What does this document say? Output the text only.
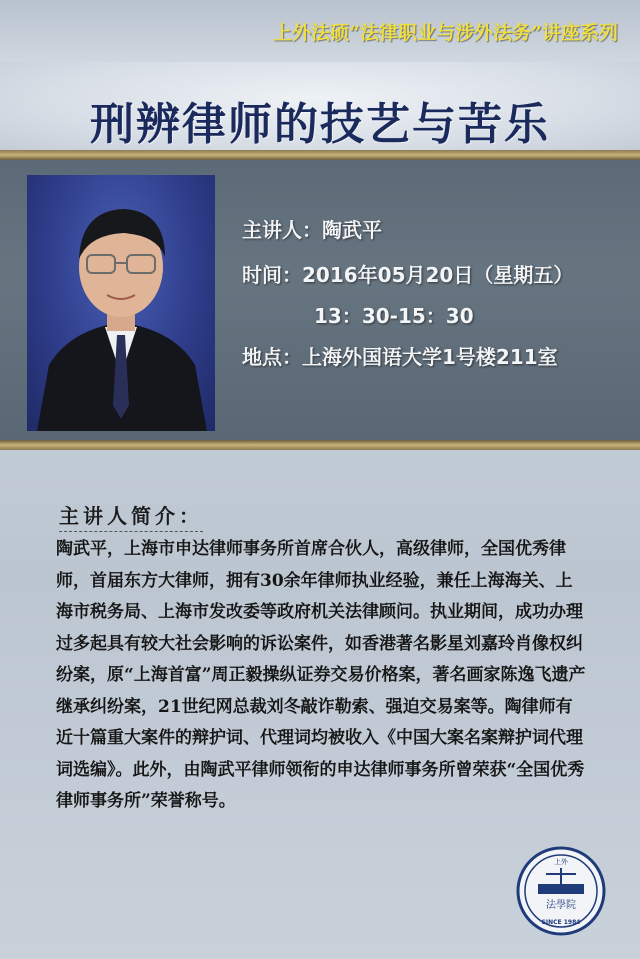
上外法硕“法律职业与涉外法务”讲座系列
刑辨律师的技艺与苦乐
主讲人：陶武平
时间：2016年05月20日（星期五）
13：30-15：30
地点：上海外国语大学1号楼211室
主讲人简介：

陶武平，上海市申达律师事务所首席合伙人，高级律师，全国优秀律师，首届东方大律师，拥有30余年律师执业经验，兼任上海海关、上海市税务局、上海市发改委等政府机关法律顾问。执业期间，成功办理过多起具有较大社会影响的诉讼案件，如香港著名影星刘嘉玲肖像权纠纷案，原“上海首富”周正毅操纵证券交易价格案，著名画家陈逸飞遗产继承纠纷案，21世纪网总裁刘冬敲诈勒索、强迫交易案等。陶律师有近十篇重大案件的辩护词、代理词均被收入《中国大案名案辩护词代理词选编》。此外，由陶武平律师领衔的申达律师事务所曾荣获“全国优秀律师事务所”荣誉称号。

上外
法學院
SINCE 1984
